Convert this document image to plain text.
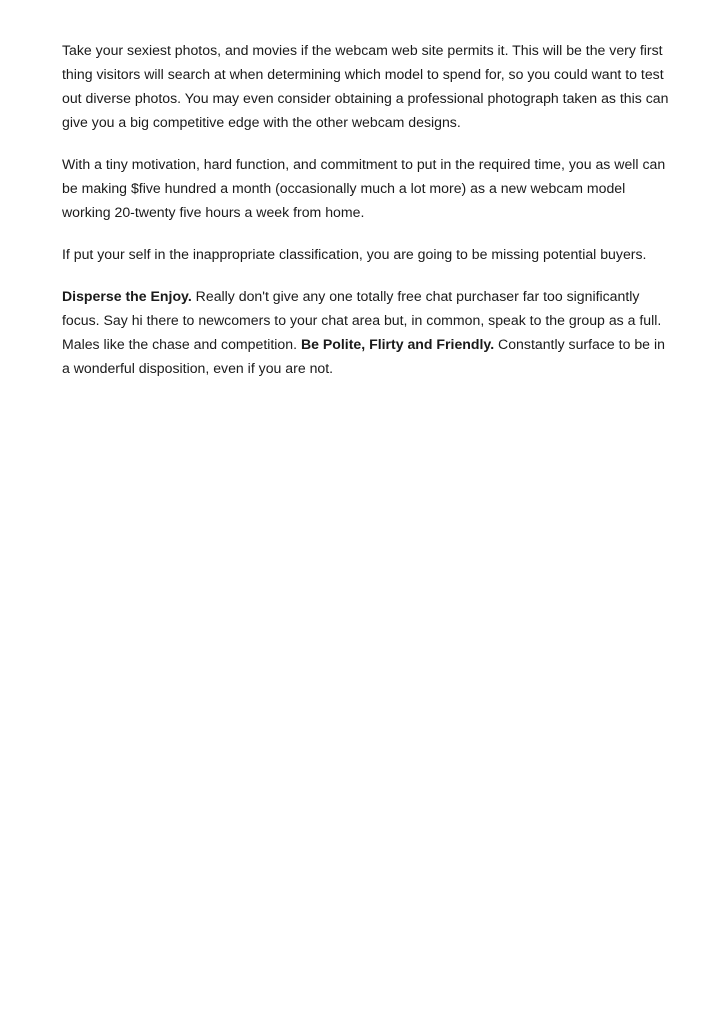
Take your sexiest photos, and movies if the webcam web site permits it. This will be the very first thing visitors will search at when determining which model to spend for, so you could want to test out diverse photos. You may even consider obtaining a professional photograph taken as this can give you a big competitive edge with the other webcam designs.

With a tiny motivation, hard function, and commitment to put in the required time, you as well can be making $five hundred a month (occasionally much a lot more) as a new webcam model working 20-twenty five hours a week from home.

If put your self in the inappropriate classification, you are going to be missing potential buyers.

Disperse the Enjoy. Really don't give any one totally free chat purchaser far too significantly focus. Say hi there to newcomers to your chat area but, in common, speak to the group as a full. Males like the chase and competition. Be Polite, Flirty and Friendly. Constantly surface to be in a wonderful disposition, even if you are not.
